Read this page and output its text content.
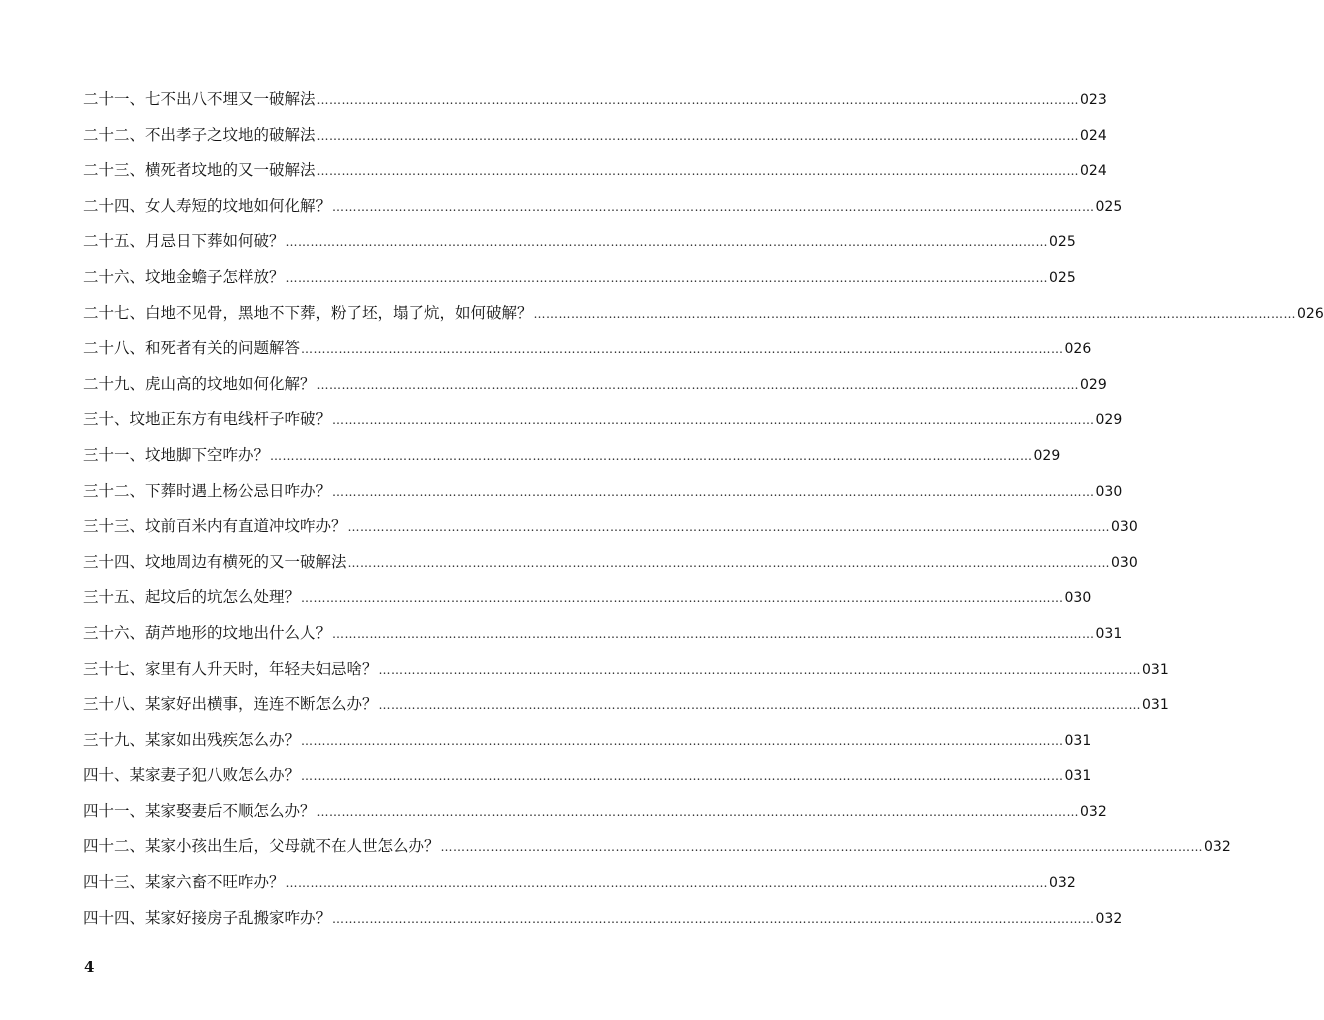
二十一、七不出八不埋又一破解法 …………………………………………………………………………………………………………………………………………………………………	023
二十二、不出孝子之坟地的破解法 …………………………………………………………………………………………………………………………………………………………………	024
二十三、横死者坟地的又一破解法 …………………………………………………………………………………………………………………………………………………………………	024
二十四、女人寿短的坟地如何化解？ …………………………………………………………………………………………………………………………………………………………………	025
二十五、月忌日下葬如何破？ …………………………………………………………………………………………………………………………………………………………………	025
二十六、坟地金蟾子怎样放？ …………………………………………………………………………………………………………………………………………………………………	025
二十七、白地不见骨，黑地不下葬，粉了坯，塌了炕，如何破解？ …………………………………………………………………………………………………………………………………………………………………	026
二十八、和死者有关的问题解答 …………………………………………………………………………………………………………………………………………………………………	026
二十九、虎山高的坟地如何化解？ …………………………………………………………………………………………………………………………………………………………………	029
三十、坟地正东方有电线杆子咋破？ …………………………………………………………………………………………………………………………………………………………………	029
三十一、坟地脚下空咋办？ …………………………………………………………………………………………………………………………………………………………………	029
三十二、下葬时遇上杨公忌日咋办？ …………………………………………………………………………………………………………………………………………………………………	030
三十三、坟前百米内有直道冲坟咋办？ …………………………………………………………………………………………………………………………………………………………………	030
三十四、坟地周边有横死的又一破解法 …………………………………………………………………………………………………………………………………………………………………	030
三十五、起坟后的坑怎么处理？ …………………………………………………………………………………………………………………………………………………………………	030
三十六、葫芦地形的坟地出什么人？ …………………………………………………………………………………………………………………………………………………………………	031
三十七、家里有人升天时，年轻夫妇忌啥？ …………………………………………………………………………………………………………………………………………………………………	031
三十八、某家好出横事，连连不断怎么办？ …………………………………………………………………………………………………………………………………………………………………	031
三十九、某家如出残疾怎么办？ …………………………………………………………………………………………………………………………………………………………………	031
四十、某家妻子犯八败怎么办？ …………………………………………………………………………………………………………………………………………………………………	031
四十一、某家娶妻后不顺怎么办？ …………………………………………………………………………………………………………………………………………………………………	032
四十二、某家小孩出生后，父母就不在人世怎么办？ …………………………………………………………………………………………………………………………………………………………………	032
四十三、某家六畜不旺咋办？ …………………………………………………………………………………………………………………………………………………………………	032
四十四、某家好接房子乱搬家咋办？ …………………………………………………………………………………………………………………………………………………………………	032
4
